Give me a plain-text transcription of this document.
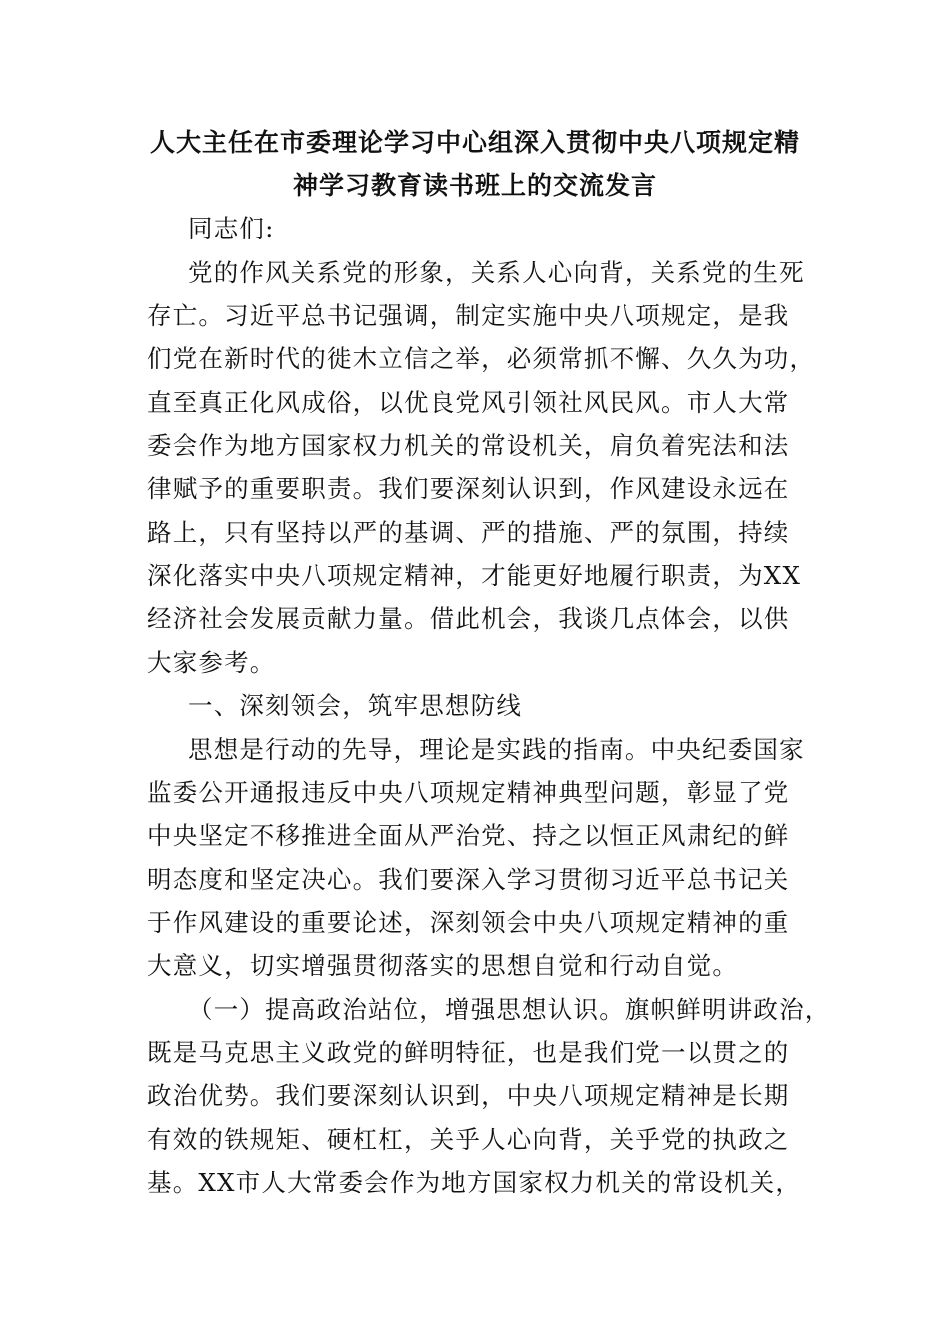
人大主任在市委理论学习中心组深入贯彻中央八项规定精
神学习教育读书班上的交流发言

同志们:

党的作风关系党的形象，关系人心向背，关系党的生死

存亡。习近平总书记强调，制定实施中央八项规定，是我

们党在新时代的徙木立信之举，必须常抓不懈、久久为功，

直至真正化风成俗，以优良党风引领社风民风。市人大常

委会作为地方国家权力机关的常设机关，肩负着宪法和法

律赋予的重要职责。我们要深刻认识到，作风建设永远在

路上，只有坚持以严的基调、严的措施、严的氛围，持续

深化落实中央八项规定精神，才能更好地履行职责，为XX

经济社会发展贡献力量。借此机会，我谈几点体会，以供

大家参考。

一、深刻领会，筑牢思想防线

思想是行动的先导，理论是实践的指南。中央纪委国家

监委公开通报违反中央八项规定精神典型问题，彰显了党

中央坚定不移推进全面从严治党、持之以恒正风肃纪的鲜

明态度和坚定决心。我们要深入学习贯彻习近平总书记关

于作风建设的重要论述，深刻领会中央八项规定精神的重

大意义，切实增强贯彻落实的思想自觉和行动自觉。

（一）提高政治站位，增强思想认识。旗帜鲜明讲政治，

既是马克思主义政党的鲜明特征，也是我们党一以贯之的

政治优势。我们要深刻认识到，中央八项规定精神是长期

有效的铁规矩、硬杠杠，关乎人心向背，关乎党的执政之

基。XX市人大常委会作为地方国家权力机关的常设机关，
